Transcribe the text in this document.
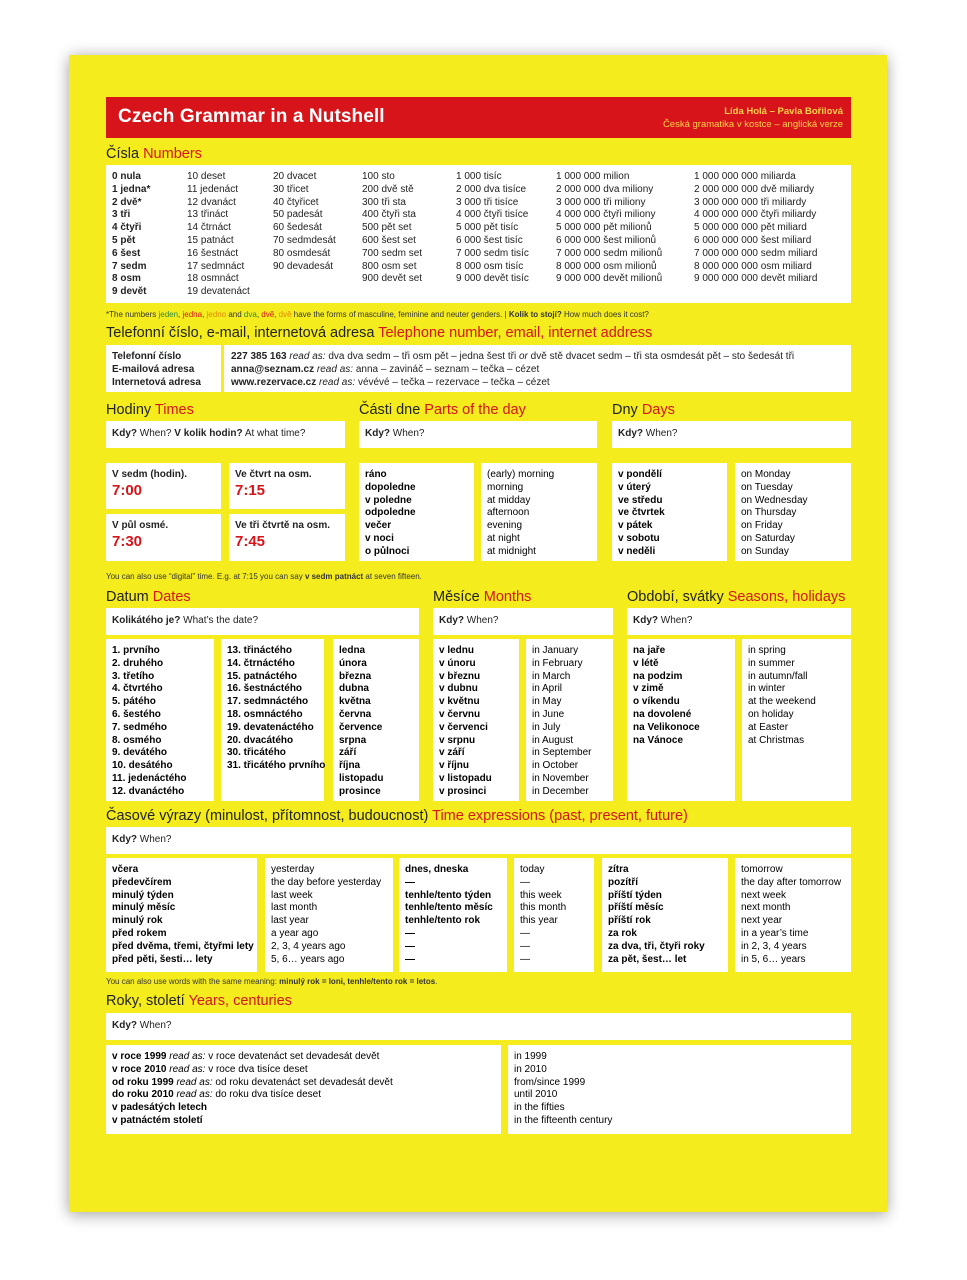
Czech Grammar in a Nutshell	Lída Holá – Pavla Bořilová
Česká gramatika v kostce – anglická verze
Čísla Numbers
0 nula
1 jedna*
2 dvě*
3 tři
4 čtyři
5 pět
6 šest
7 sedm
8 osm
9 devět
10 deset
11 jedenáct
12 dvanáct
13 třináct
14 čtrnáct
15 patnáct
16 šestnáct
17 sedmnáct
18 osmnáct
19 devatenáct
20 dvacet
30 třicet
40 čtyřicet
50 padesát
60 šedesát
70 sedmdesát
80 osmdesát
90 devadesát
100 sto
200 dvě stě
300 tři sta
400 čtyři sta
500 pět set
600 šest set
700 sedm set
800 osm set
900 devět set
1 000 tisíc
2 000 dva tisíce
3 000 tři tisíce
4 000 čtyři tisíce
5 000 pět tisíc
6 000 šest tisíc
7 000 sedm tisíc
8 000 osm tisíc
9 000 devět tisíc
1 000 000 milion
2 000 000 dva miliony
3 000 000 tři miliony
4 000 000 čtyři miliony
5 000 000 pět milionů
6 000 000 šest milionů
7 000 000 sedm milionů
8 000 000 osm milionů
9 000 000 devět milionů
1 000 000 000 miliarda
2 000 000 000 dvě miliardy
3 000 000 000 tři miliardy
4 000 000 000 čtyři miliardy
5 000 000 000 pět miliard
6 000 000 000 šest miliard
7 000 000 000 sedm miliard
8 000 000 000 osm miliard
9 000 000 000 devět miliard
*The numbers jeden, jedna, jedno and dva, dvě, dvě have the forms of masculine, feminine and neuter genders. | Kolik to stojí? How much does it cost?
Telefonní číslo, e-mail, internetová adresa Telephone number, email, internet address
Telefonní číslo
E-mailová adresa
Internetová adresa
227 385 163 read as: dva dva sedm – tři osm pět – jedna šest tři or dvě stě dvacet sedm – tři sta osmdesát pět – sto šedesát tři
anna@seznam.cz read as: anna – zavináč – seznam – tečka – cézet
www.rezervace.cz read as: vévévé – tečka – rezervace – tečka – cézet
Hodiny Times
Kdy? When? V kolik hodin? At what time?
V sedm (hodin).
7:00
Ve čtvrt na osm.
7:15
V půl osmé.
7:30
Ve tři čtvrtě na osm.
7:45
Části dne Parts of the day
Kdy? When?
ráno
dopoledne
v poledne
odpoledne
večer
v noci
o půlnoci
(early) morning
morning
at midday
afternoon
evening
at night
at midnight
Dny Days
Kdy? When?
v pondělí
v úterý
ve středu
ve čtvrtek
v pátek
v sobotu
v neděli
on Monday
on Tuesday
on Wednesday
on Thursday
on Friday
on Saturday
on Sunday
You can also use “digital” time. E.g. at 7:15 you can say v sedm patnáct at seven fifteen.
Datum Dates
Kolikátého je? What’s the date?
1. prvního
2. druhého
3. třetího
4. čtvrtého
5. pátého
6. šestého
7. sedmého
8. osmého
9. devátého
10. desátého
11. jedenáctého
12. dvanáctého
13. třináctého
14. čtrnáctého
15. patnáctého
16. šestnáctého
17. sedmnáctého
18. osmnáctého
19. devatenáctého
20. dvacátého
30. třicátého
31. třicátého prvního
ledna
února
března
dubna
května
června
července
srpna
září
října
listopadu
prosince
Měsíce Months
Kdy? When?
v lednu
v únoru
v březnu
v dubnu
v květnu
v červnu
v červenci
v srpnu
v září
v říjnu
v listopadu
v prosinci
in January
in February
in March
in April
in May
in June
in July
in August
in September
in October
in November
in December
Období, svátky Seasons, holidays
Kdy? When?
na jaře
v létě
na podzim
v zimě
o víkendu
na dovolené
na Velikonoce
na Vánoce
in spring
in summer
in autumn/fall
in winter
at the weekend
on holiday
at Easter
at Christmas
Časové výrazy (minulost, přítomnost, budoucnost) Time expressions (past, present, future)
Kdy? When?
včera
předevčírem
minulý týden
minulý měsíc
minulý rok
před rokem
před dvěma, třemi, čtyřmi lety
před pěti, šesti… lety
yesterday
the day before yesterday
last week
last month
last year
a year ago
2, 3, 4 years ago
5, 6… years ago
dnes, dneska
—
tenhle/tento týden
tenhle/tento měsíc
tenhle/tento rok
—
—
—
today
—
this week
this month
this year
—
—
—
zítra
pozítří
příští týden
příští měsíc
příští rok
za rok
za dva, tři, čtyři roky
za pět, šest… let
tomorrow
the day after tomorrow
next week
next month
next year
in a year’s time
in 2, 3, 4 years
in 5, 6… years
You can also use words with the same meaning: minulý rok = loni, tenhle/tento rok = letos.
Roky, století Years, centuries
Kdy? When?
v roce 1999 read as: v roce devatenáct set devadesát devět
v roce 2010 read as: v roce dva tisíce deset
od roku 1999 read as: od roku devatenáct set devadesát devět
do roku 2010 read as: do roku dva tisíce deset
v padesátých letech
v patnáctém století
in 1999
in 2010
from/since 1999
until 2010
in the fifties
in the fifteenth century
